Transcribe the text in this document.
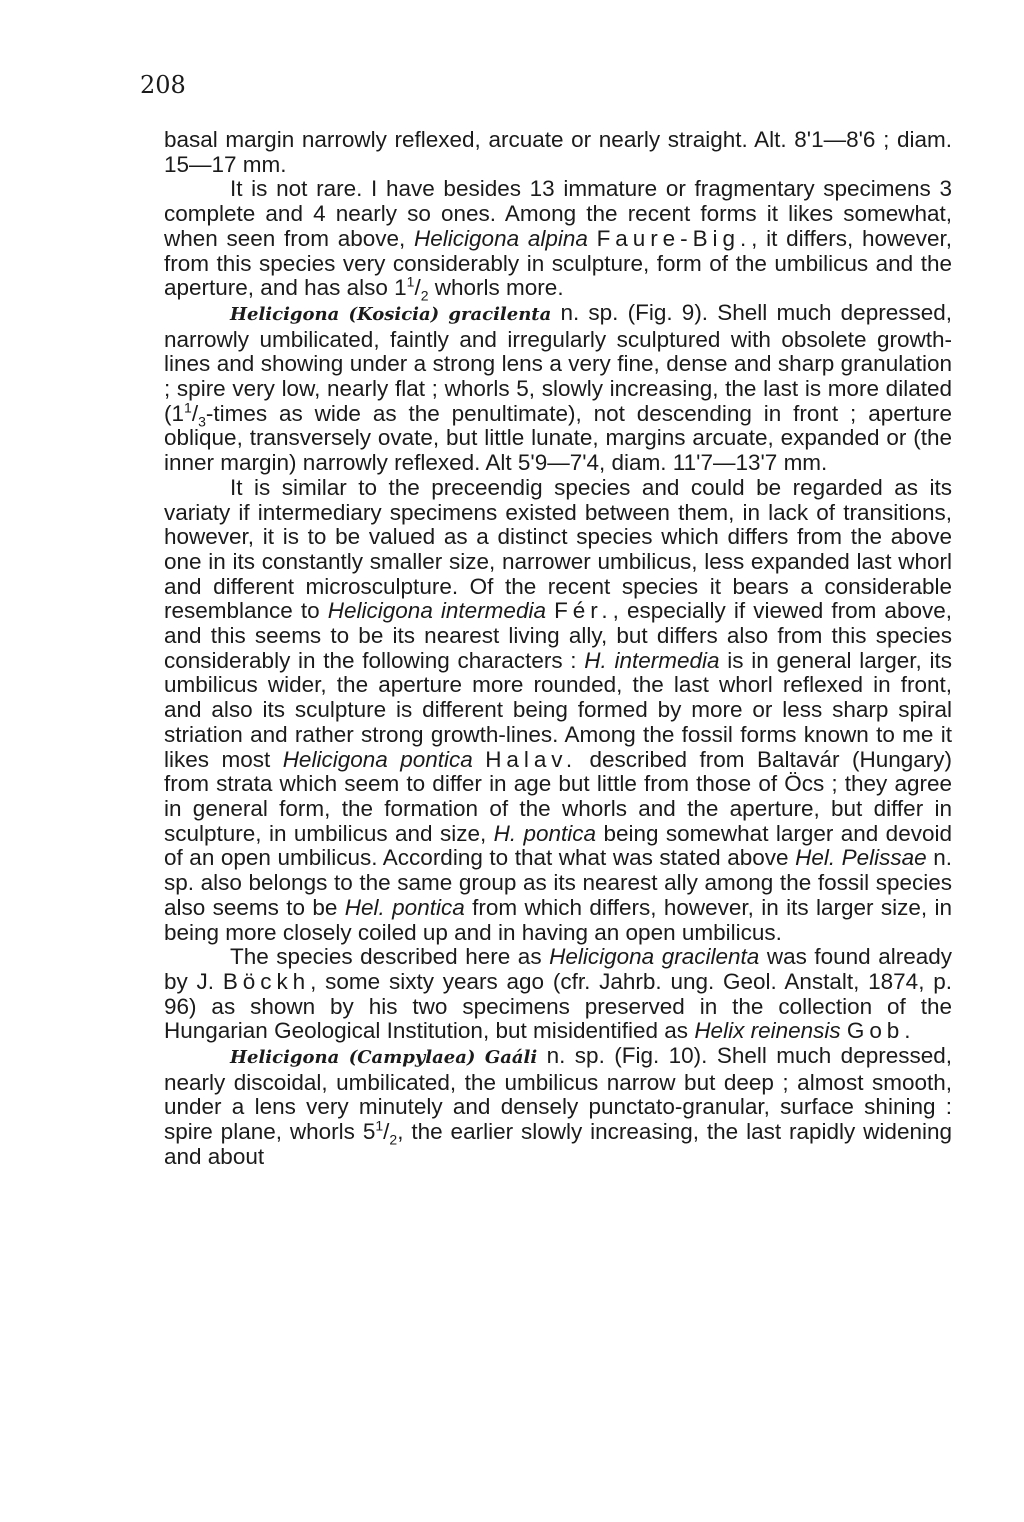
208

basal margin narrowly reflexed, arcuate or nearly straight. Alt. 8'1—8'6 ; diam. 15—17 mm.

It is not rare. I have besides 13 immature or fragmentary specimens 3 complete and 4 nearly so ones. Among the recent forms it likes somewhat, when seen from above, Helicigona alpina Faure-Big., it differs, however, from this species very considerably in sculpture, form of the umbilicus and the aperture, and has also $1^1/_2$ whorls more.

Helicigona (Kosicia) gracilenta n. sp. (Fig. 9). Shell much depressed, narrowly umbilicated, faintly and irregularly sculptured with obsolete growth-lines and showing under a strong lens a very fine, dense and sharp granulation ; spire very low, nearly flat ; whorls 5, slowly increasing, the last is more dilated ($1^1/_3$-times as wide as the penultimate), not descending in front ; aperture oblique, transversely ovate, but little lunate, margins arcuate, expanded or (the inner margin) narrowly reflexed. Alt 5'9—7'4, diam. 11'7—13'7 mm.

It is similar to the preceendig species and could be regarded as its variaty if intermediary specimens existed between them, in lack of transitions, however, it is to be valued as a distinct species which differs from the above one in its constantly smaller size, narrower umbilicus, less expanded last whorl and different microsculpture. Of the recent species it bears a considerable resemblance to Helicigona intermedia Fér., especially if viewed from above, and this seems to be its nearest living ally, but differs also from this species considerably in the following characters : H. intermedia is in general larger, its umbilicus wider, the aperture more rounded, the last whorl reflexed in front, and also its sculpture is different being formed by more or less sharp spiral striation and rather strong growth-lines. Among the fossil forms known to me it likes most Helicigona pontica Halav. described from Baltavár (Hungary) from strata which seem to differ in age but little from those of Öcs ; they agree in general form, the formation of the whorls and the aperture, but differ in sculpture, in umbilicus and size, H. pontica being somewhat larger and devoid of an open umbilicus. According to that what was stated above Hel. Pelissae n. sp. also belongs to the same group as its nearest ally among the fossil species also seems to be Hel. pontica from which differs, however, in its larger size, in being more closely coiled up and in having an open umbilicus.

The species described here as Helicigona gracilenta was found already by J. Böckh, some sixty years ago (cfr. Jahrb. ung. Geol. Anstalt, 1874, p. 96) as shown by his two specimens preserved in the collection of the Hungarian Geological Institution, but misidentified as Helix reinensis Gob.

Helicigona (Campylaea) Gaáli n. sp. (Fig. 10). Shell much depressed, nearly discoidal, umbilicated, the umbilicus narrow but deep ; almost smooth, under a lens very minutely and densely punctato-granular, surface shining : spire plane, whorls $5^1/_2$, the earlier slowly increasing, the last rapidly widening and about
